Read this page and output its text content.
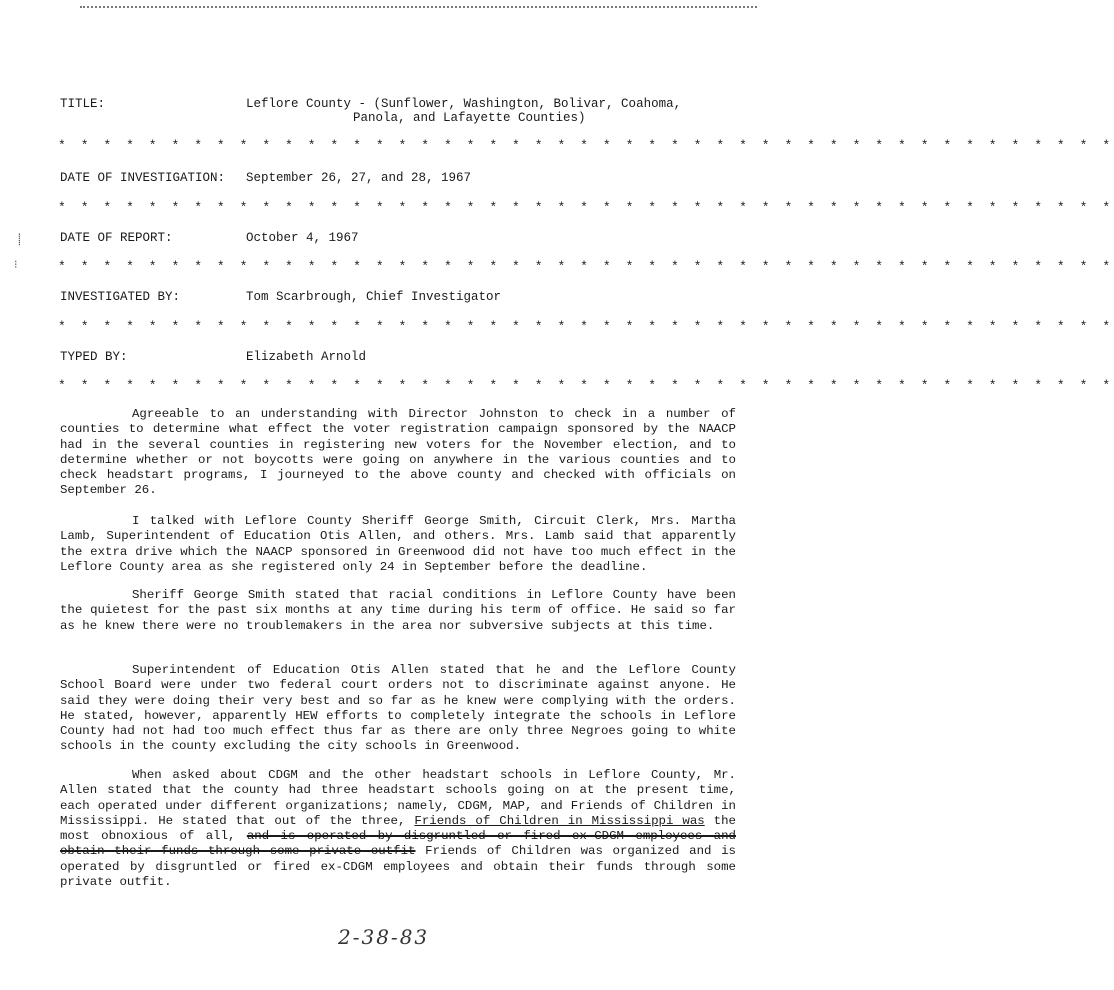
TITLE:	Leflore County - (Sunflower, Washington, Bolivar, Coahoma,
Panola, and Lafayette Counties)
* * * * * * * * * * * * * * * * * * * * * * * * * * * * * * * * * * * * * * * * * * * * * * *
DATE OF INVESTIGATION: September 26, 27, and 28, 1967
* * * * * * * * * * * * * * * * * * * * * * * * * * * * * * * * * * * * * * * * * * * * * * *
⸽	DATE OF REPORT:	October 4, 1967
⁝	* * * * * * * * * * * * * * * * * * * * * * * * * * * * * * * * * * * * * * * * * * * * * * *
INVESTIGATED BY:	Tom Scarbrough, Chief Investigator
* * * * * * * * * * * * * * * * * * * * * * * * * * * * * * * * * * * * * * * * * * * * * * *
TYPED BY:	Elizabeth Arnold
* * * * * * * * * * * * * * * * * * * * * * * * * * * * * * * * * * * * * * * * * * * * * * *

Agreeable to an understanding with Director Johnston to check in a number of counties to determine what effect the voter registration campaign sponsored by the NAACP had in the several counties in registering new voters for the November election, and to determine whether or not boycotts were going on anywhere in the various counties and to check headstart programs, I journeyed to the above county and checked with officials on September 26.

I talked with Leflore County Sheriff George Smith, Circuit Clerk, Mrs. Martha Lamb, Superintendent of Education Otis Allen, and others. Mrs. Lamb said that apparently the extra drive which the NAACP sponsored in Greenwood did not have too much effect in the Leflore County area as she registered only 24 in September before the deadline.

Sheriff George Smith stated that racial conditions in Leflore County have been the quietest for the past six months at any time during his term of office. He said so far as he knew there were no troublemakers in the area nor subversive subjects at this time.

Superintendent of Education Otis Allen stated that he and the Leflore County School Board were under two federal court orders not to discriminate against anyone. He said they were doing their very best and so far as he knew were complying with the orders. He stated, however, apparently HEW efforts to completely integrate the schools in Leflore County had not had too much effect thus far as there are only three Negroes going to white schools in the county excluding the city schools in Greenwood.

When asked about CDGM and the other headstart schools in Leflore County, Mr. Allen stated that the county had three headstart schools going on at the present time, each operated under different organizations; namely, CDGM, MAP, and Friends of Children in Mississippi. He stated that out of the three, Friends of Children in Mississippi was the most obnoxious of all, and is operated by disgruntled or fired ex-CDGM employees and obtain their funds through some private outfit Friends of Children was organized and is operated by disgruntled or fired ex-CDGM employees and obtain their funds through some private outfit.

2-38-83
